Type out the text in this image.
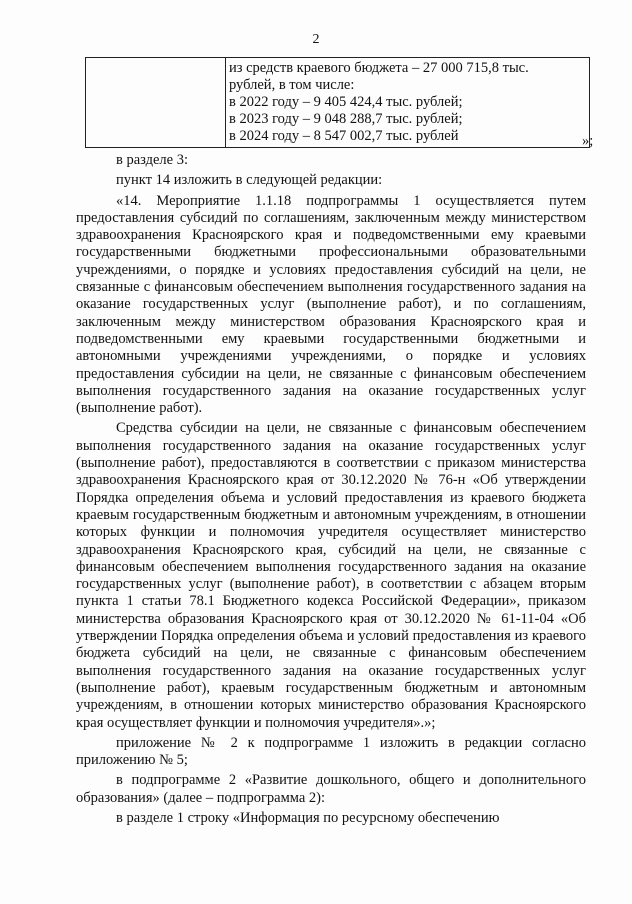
2

из средств краевого бюджета – 27 000 715,8 тыс.
рублей, в том числе:
в 2022 году – 9 405 424,4 тыс. рублей;
в 2023 году – 9 048 288,7 тыс. рублей;
в 2024 году – 8 547 002,7 тыс. рублей	»;

в разделе 3:

пункт 14 изложить в следующей редакции:

«14. Мероприятие 1.1.18 подпрограммы 1 осуществляется путем предоставления субсидий по соглашениям, заключенным между министерством здравоохранения Красноярского края и подведомственными ему краевыми государственными бюджетными профессиональными образовательными учреждениями, о порядке и условиях предоставления субсидий на цели, не связанные с финансовым обеспечением выполнения государственного задания на оказание государственных услуг (выполнение работ), и по соглашениям, заключенным между министерством образования Красноярского края и подведомственными ему краевыми государственными бюджетными и автономными учреждениями учреждениями, о порядке и условиях предоставления субсидии на цели, не связанные с финансовым обеспечением выполнения государственного задания на оказание государственных услуг (выполнение работ).

Средства субсидии на цели, не связанные с финансовым обеспечением выполнения государственного задания на оказание государственных услуг (выполнение работ), предоставляются в соответствии с приказом министерства здравоохранения Красноярского края от 30.12.2020 № 76-н «Об утверждении Порядка определения объема и условий предоставления из краевого бюджета краевым государственным бюджетным и автономным учреждениям, в отношении которых функции и полномочия учредителя осуществляет министерство здравоохранения Красноярского края, субсидий на цели, не связанные с финансовым обеспечением выполнения государственного задания на оказание государственных услуг (выполнение работ), в соответствии с абзацем вторым пункта 1 статьи 78.1 Бюджетного кодекса Российской Федерации», приказом министерства образования Красноярского края от 30.12.2020 № 61-11-04 «Об утверждении Порядка определения объема и условий предоставления из краевого бюджета субсидий на цели, не связанные с финансовым обеспечением выполнения государственного задания на оказание государственных услуг (выполнение работ), краевым государственным бюджетным и автономным учреждениям, в отношении которых министерство образования Красноярского края осуществляет функции и полномочия учредителя».»;

приложение № 2 к подпрограмме 1 изложить в редакции согласно приложению № 5;

в подпрограмме 2 «Развитие дошкольного, общего и дополнительного образования» (далее – подпрограмма 2):

в разделе 1 строку «Информация по ресурсному обеспечению
